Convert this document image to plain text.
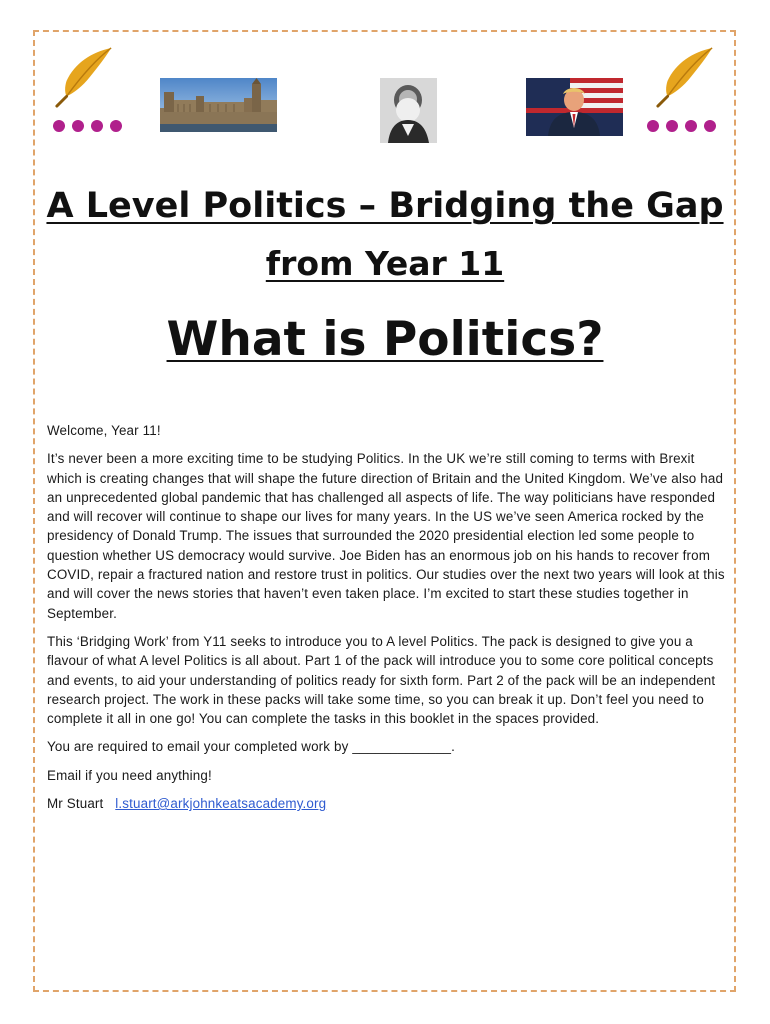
A Level Politics – Bridging the Gap
from Year 11
What is Politics?

Welcome, Year 11!

It’s never been a more exciting time to be studying Politics. In the UK we’re still coming to terms with Brexit which is creating changes that will shape the future direction of Britain and the United Kingdom. We’ve also had an unprecedented global pandemic that has challenged all aspects of life. The way politicians have responded and will recover will continue to shape our lives for many years. In the US we’ve seen America rocked by the presidency of Donald Trump. The issues that surrounded the 2020 presidential election led some people to question whether US democracy would survive. Joe Biden has an enormous job on his hands to recover from COVID, repair a fractured nation and restore trust in politics. Our studies over the next two years will look at this and will cover the news stories that haven’t even taken place. I’m excited to start these studies together in September.

This ‘Bridging Work’ from Y11 seeks to introduce you to A level Politics. The pack is designed to give you a flavour of what A level Politics is all about. Part 1 of the pack will introduce you to some core political concepts and events, to aid your understanding of politics ready for sixth form. Part 2 of the pack will be an independent research project. The work in these packs will take some time, so you can break it up. Don’t feel you need to complete it all in one go! You can complete the tasks in this booklet in the spaces provided.

You are required to email your completed work by _____________.

Email if you need anything!

Mr Stuart l.stuart@arkjohnkeatsacademy.org
